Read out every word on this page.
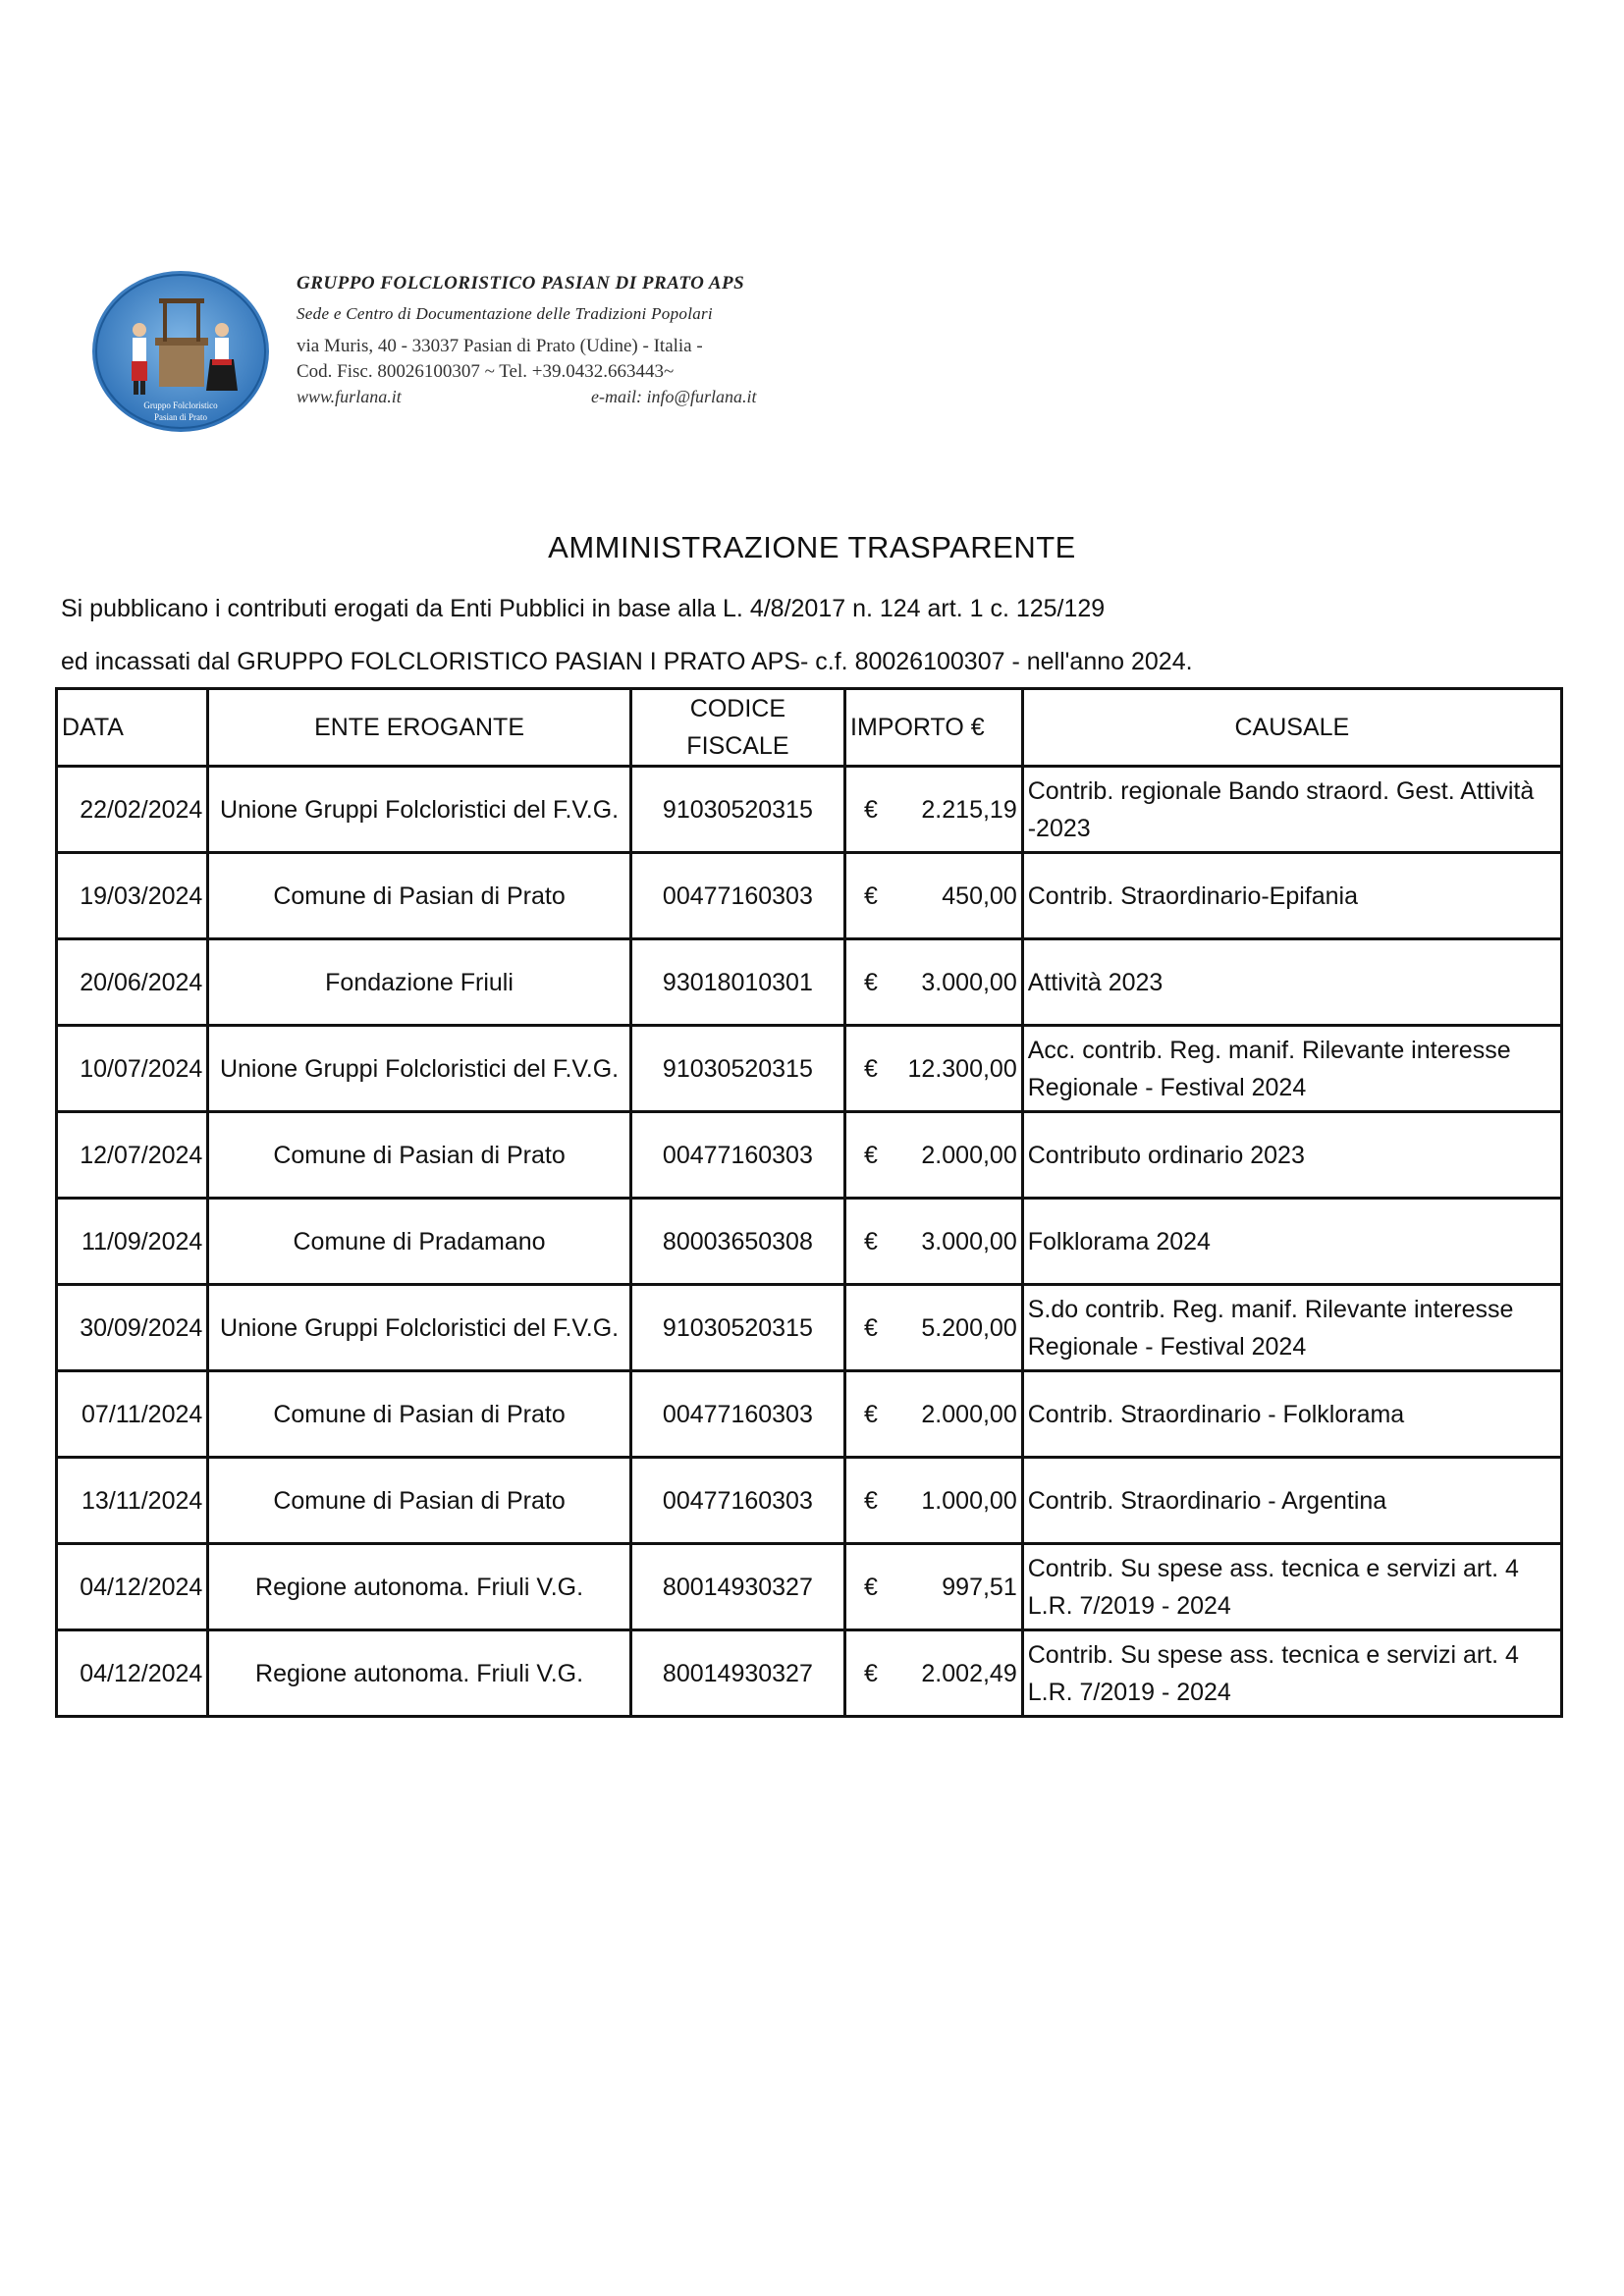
Gruppo Folcloristico
Pasian di Prato
GRUPPO FOLCLORISTICO PASIAN DI PRATO APS
Sede e Centro di Documentazione delle Tradizioni Popolari
via Muris, 40 - 33037 Pasian di Prato (Udine) - Italia -
Cod. Fisc. 80026100307 ~ Tel. +39.0432.663443~
www.furlana.it	e-mail: info@furlana.it
AMMINISTRAZIONE TRASPARENTE
Si pubblicano i contributi erogati da Enti Pubblici in base alla L. 4/8/2017 n. 124 art. 1 c. 125/129
ed incassati dal GRUPPO FOLCLORISTICO PASIAN I PRATO APS- c.f. 80026100307 - nell'anno 2024.
DATA	ENTE EROGANTE	CODICE FISCALE	IMPORTO €	CAUSALE
22/02/2024	Unione Gruppi Folcloristici del F.V.G.	91030520315	€ 2.215,19	Contrib. regionale Bando straord. Gest. Attività -2023
19/03/2024	Comune di Pasian di Prato	00477160303	€ 450,00	Contrib. Straordinario-Epifania
20/06/2024	Fondazione Friuli	93018010301	€ 3.000,00	Attività 2023
10/07/2024	Unione Gruppi Folcloristici del F.V.G.	91030520315	€ 12.300,00	Acc. contrib. Reg. manif. Rilevante interesse Regionale - Festival 2024
12/07/2024	Comune di Pasian di Prato	00477160303	€ 2.000,00	Contributo ordinario 2023
11/09/2024	Comune di Pradamano	80003650308	€ 3.000,00	Folklorama 2024
30/09/2024	Unione Gruppi Folcloristici del F.V.G.	91030520315	€ 5.200,00	S.do contrib. Reg. manif. Rilevante interesse Regionale - Festival 2024
07/11/2024	Comune di Pasian di Prato	00477160303	€ 2.000,00	Contrib. Straordinario - Folklorama
13/11/2024	Comune di Pasian di Prato	00477160303	€ 1.000,00	Contrib. Straordinario - Argentina
04/12/2024	Regione autonoma. Friuli V.G.	80014930327	€ 997,51	Contrib. Su spese ass. tecnica e servizi art. 4 L.R. 7/2019 - 2024
04/12/2024	Regione autonoma. Friuli V.G.	80014930327	€ 2.002,49	Contrib. Su spese ass. tecnica e servizi art. 4 L.R. 7/2019 - 2024
